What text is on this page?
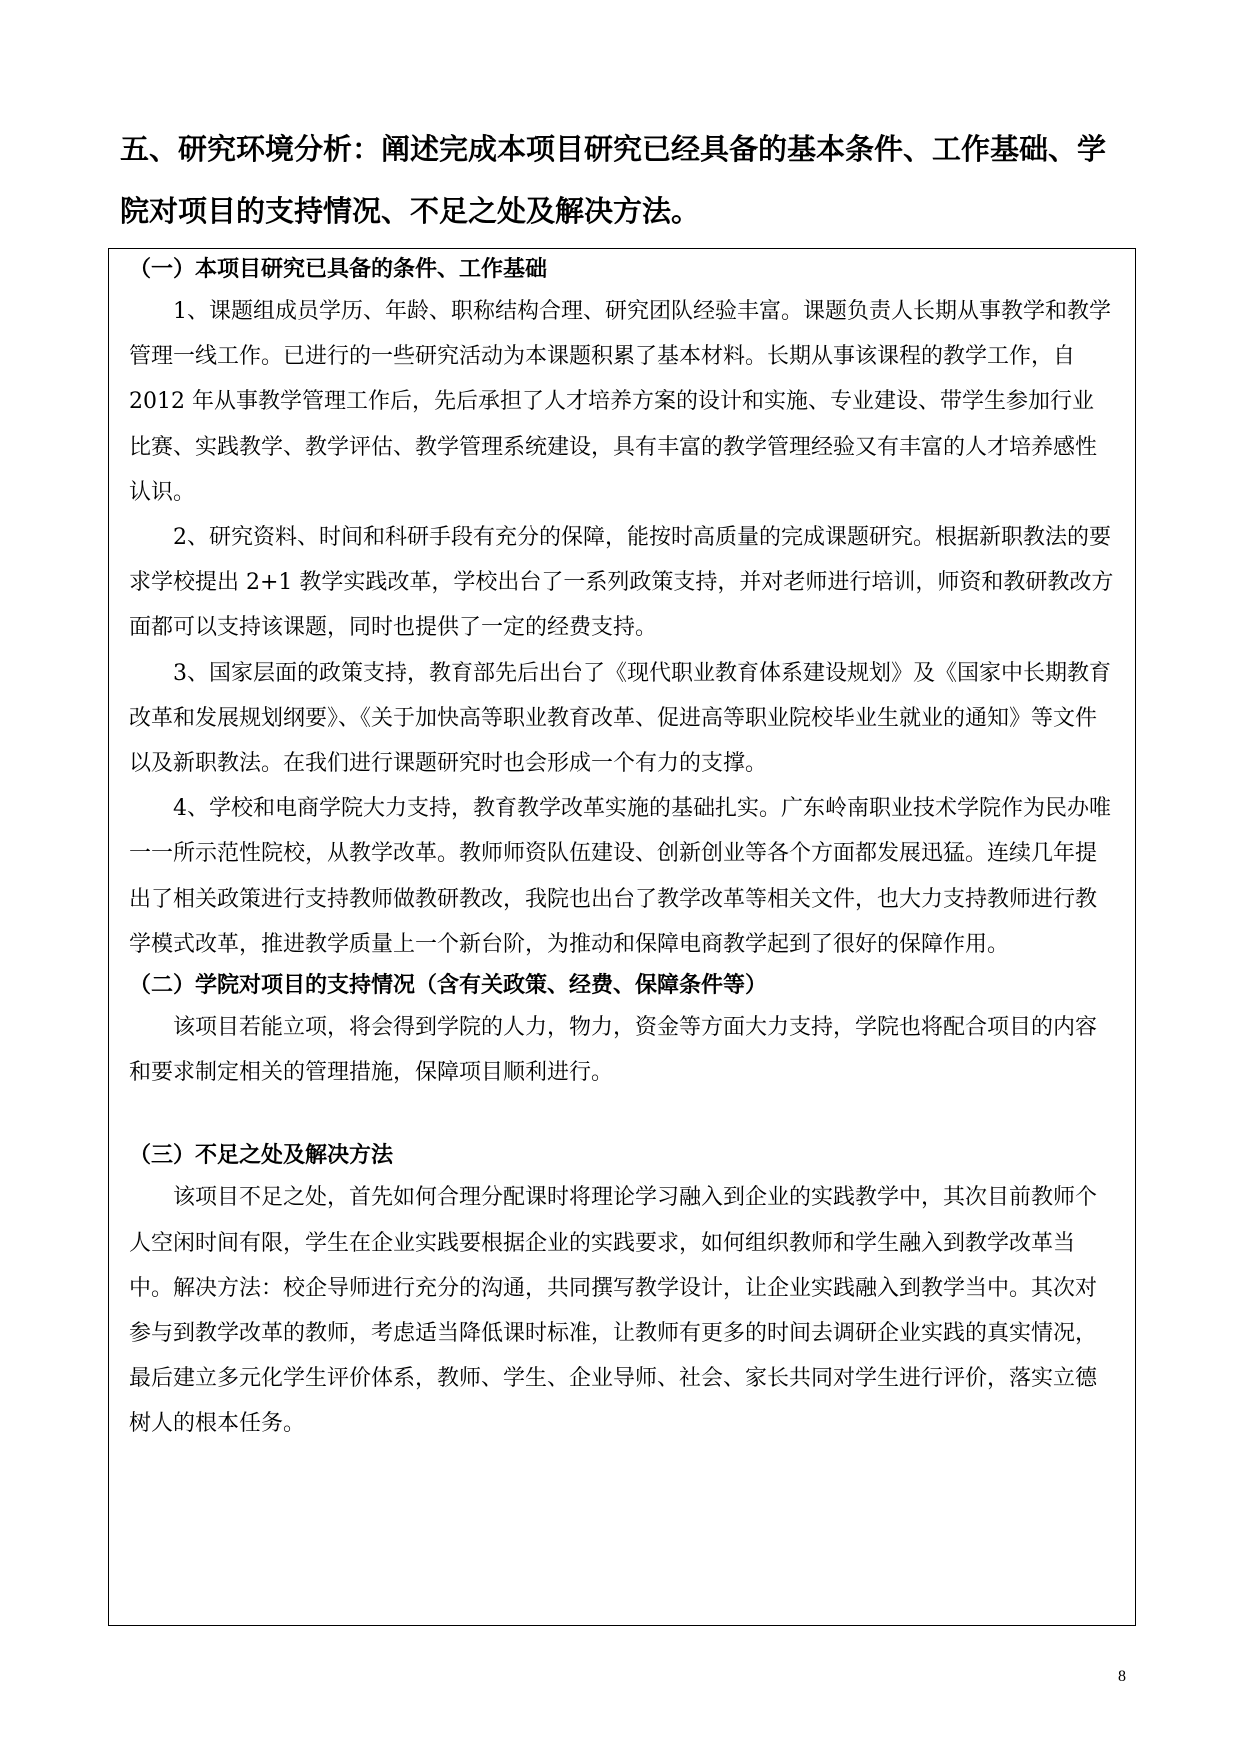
五、研究环境分析：阐述完成本项目研究已经具备的基本条件、工作基础、学院对项目的支持情况、不足之处及解决方法。
（一）本项目研究已具备的条件、工作基础

1、课题组成员学历、年龄、职称结构合理、研究团队经验丰富。课题负责人长期从事教学和教学管理一线工作。已进行的一些研究活动为本课题积累了基本材料。长期从事该课程的教学工作，自 2012 年从事教学管理工作后，先后承担了人才培养方案的设计和实施、专业建设、带学生参加行业比赛、实践教学、教学评估、教学管理系统建设，具有丰富的教学管理经验又有丰富的人才培养感性认识。

2、研究资料、时间和科研手段有充分的保障，能按时高质量的完成课题研究。根据新职教法的要求学校提出 2+1 教学实践改革，学校出台了一系列政策支持，并对老师进行培训，师资和教研教改方面都可以支持该课题，同时也提供了一定的经费支持。

3、国家层面的政策支持，教育部先后出台了《现代职业教育体系建设规划》及《国家中长期教育改革和发展规划纲要》、《关于加快高等职业教育改革、促进高等职业院校毕业生就业的通知》等文件以及新职教法。在我们进行课题研究时也会形成一个有力的支撑。

4、学校和电商学院大力支持，教育教学改革实施的基础扎实。广东岭南职业技术学院作为民办唯一一所示范性院校，从教学改革。教师师资队伍建设、创新创业等各个方面都发展迅猛。连续几年提出了相关政策进行支持教师做教研教改，我院也出台了教学改革等相关文件，也大力支持教师进行教学模式改革，推进教学质量上一个新台阶，为推动和保障电商教学起到了很好的保障作用。

（二）学院对项目的支持情况（含有关政策、经费、保障条件等）

该项目若能立项，将会得到学院的人力，物力，资金等方面大力支持，学院也将配合项目的内容和要求制定相关的管理措施，保障项目顺利进行。

（三）不足之处及解决方法

该项目不足之处，首先如何合理分配课时将理论学习融入到企业的实践教学中，其次目前教师个人空闲时间有限，学生在企业实践要根据企业的实践要求，如何组织教师和学生融入到教学改革当中。解决方法：校企导师进行充分的沟通，共同撰写教学设计，让企业实践融入到教学当中。其次对参与到教学改革的教师，考虑适当降低课时标准，让教师有更多的时间去调研企业实践的真实情况，最后建立多元化学生评价体系，教师、学生、企业导师、社会、家长共同对学生进行评价，落实立德树人的根本任务。

8
